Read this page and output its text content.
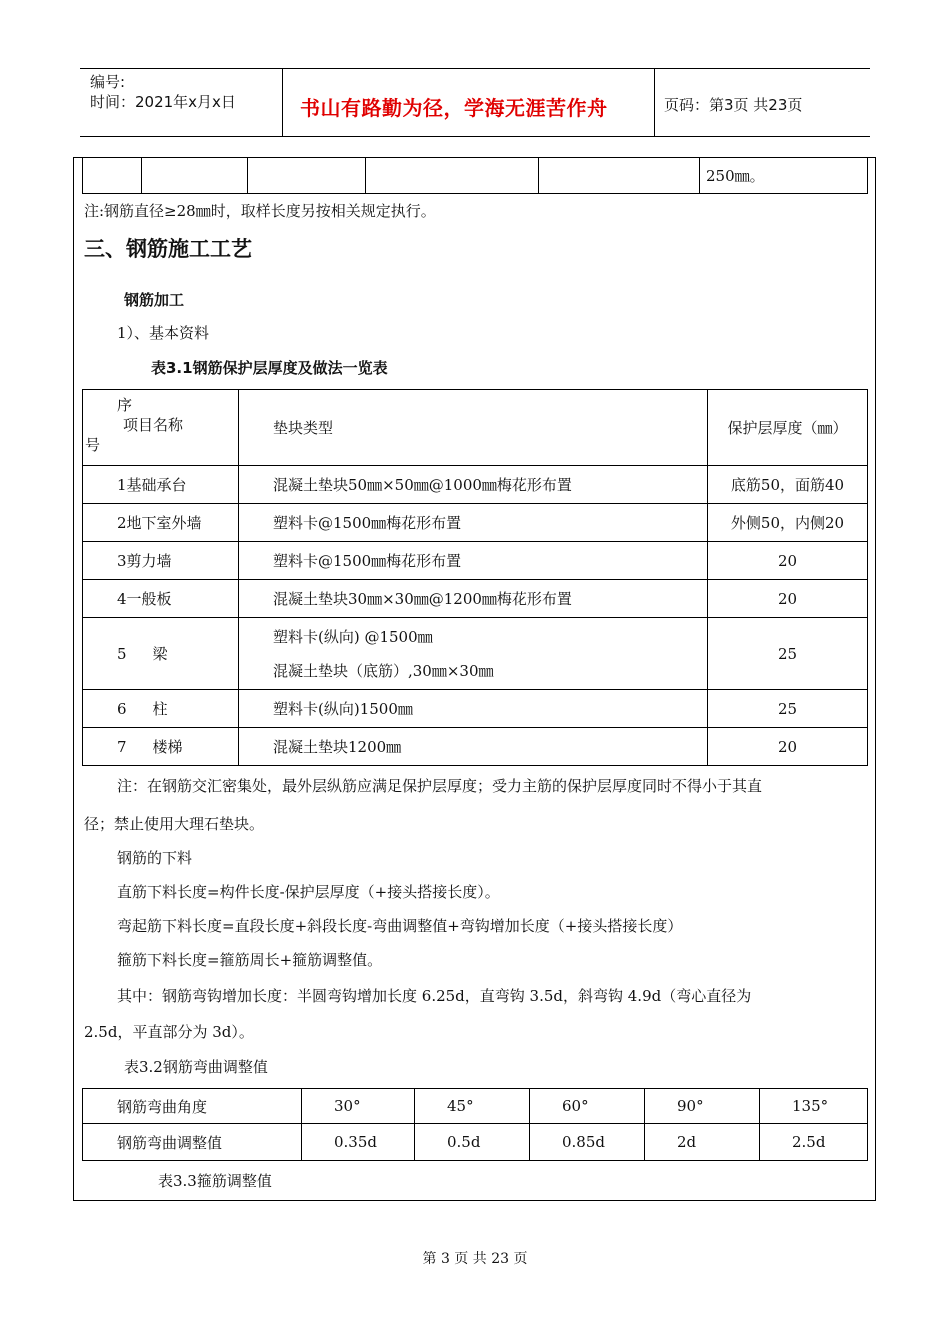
编号:
时间：2021年x月x日	书山有路勤为径，学海无涯苦作舟	页码：第3页 共23页
					250㎜。
注:钢筋直径≥28㎜时，取样长度另按相关规定执行。
三、钢筋施工工艺
钢筋加工
1）、基本资料
表3.1钢筋保护层厚度及做法一览表
序
号
项目名称	垫块类型	保护层厚度（㎜）
1基础承台	混凝土垫块50㎜×50㎜@1000㎜梅花形布置	底筋50，面筋40
2地下室外墙	塑料卡@1500㎜梅花形布置	外侧50，内侧20
3剪力墙	塑料卡@1500㎜梅花形布置	20
4一般板	混凝土垫块30㎜×30㎜@1200㎜梅花形布置	20
5 梁	塑料卡(纵向) @1500㎜
混凝土垫块（底筋）,30㎜×30㎜	25
6 柱	塑料卡(纵向)1500㎜	25
7 楼梯	混凝土垫块1200㎜	20
注：在钢筋交汇密集处，最外层纵筋应满足保护层厚度；受力主筋的保护层厚度同时不得小于其直
径；禁止使用大理石垫块。
钢筋的下料
直筋下料长度=构件长度-保护层厚度（+接头搭接长度）。
弯起筋下料长度=直段长度+斜段长度-弯曲调整值+弯钩增加长度（+接头搭接长度）
箍筋下料长度=箍筋周长+箍筋调整值。
其中：钢筋弯钩增加长度：半圆弯钩增加长度 6.25d，直弯钩 3.5d，斜弯钩 4.9d（弯心直径为
2.5d，平直部分为 3d）。
表3.2钢筋弯曲调整值
钢筋弯曲角度	30°	45°	60°	90°	135°
钢筋弯曲调整值	0.35d	0.5d	0.85d	2d	2.5d
表3.3箍筋调整值
第 3 页 共 23 页
